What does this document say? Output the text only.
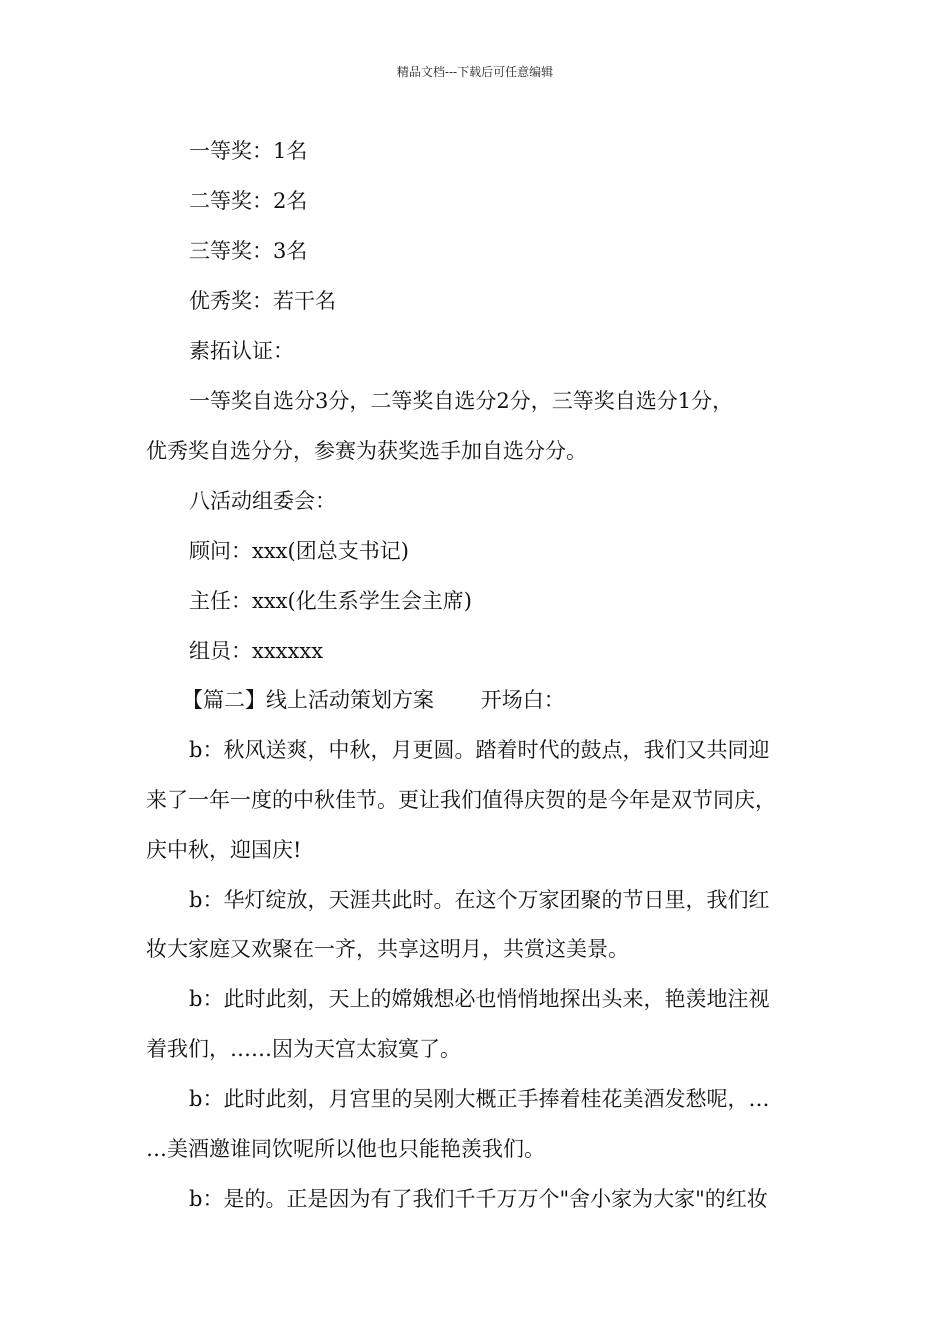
精品文档---下载后可任意编辑
一等奖：1名
二等奖：2名
三等奖：3名
优秀奖：若干名
素拓认证：
一等奖自选分3分，二等奖自选分2分，三等奖自选分1分，
优秀奖自选分分，参赛为获奖选手加自选分分。
八活动组委会：
顾问：xxx(团总支书记)
主任：xxx(化生系学生会主席)
组员：xxxxxx
【篇二】线上活动策划方案       开场白：
b：秋风送爽，中秋，月更圆。踏着时代的鼓点，我们又共同迎
来了一年一度的中秋佳节。更让我们值得庆贺的是今年是双节同庆，
庆中秋，迎国庆!
b：华灯绽放，天涯共此时。在这个万家团聚的节日里，我们红
妆大家庭又欢聚在一齐，共享这明月，共赏这美景。
b：此时此刻，天上的嫦娥想必也悄悄地探出头来，艳羡地注视
着我们，……因为天宫太寂寞了。
b：此时此刻，月宫里的吴刚大概正手捧着桂花美酒发愁呢，…
…美酒邀谁同饮呢所以他也只能艳羡我们。
b：是的。正是因为有了我们千千万万个"舍小家为大家"的红妆
